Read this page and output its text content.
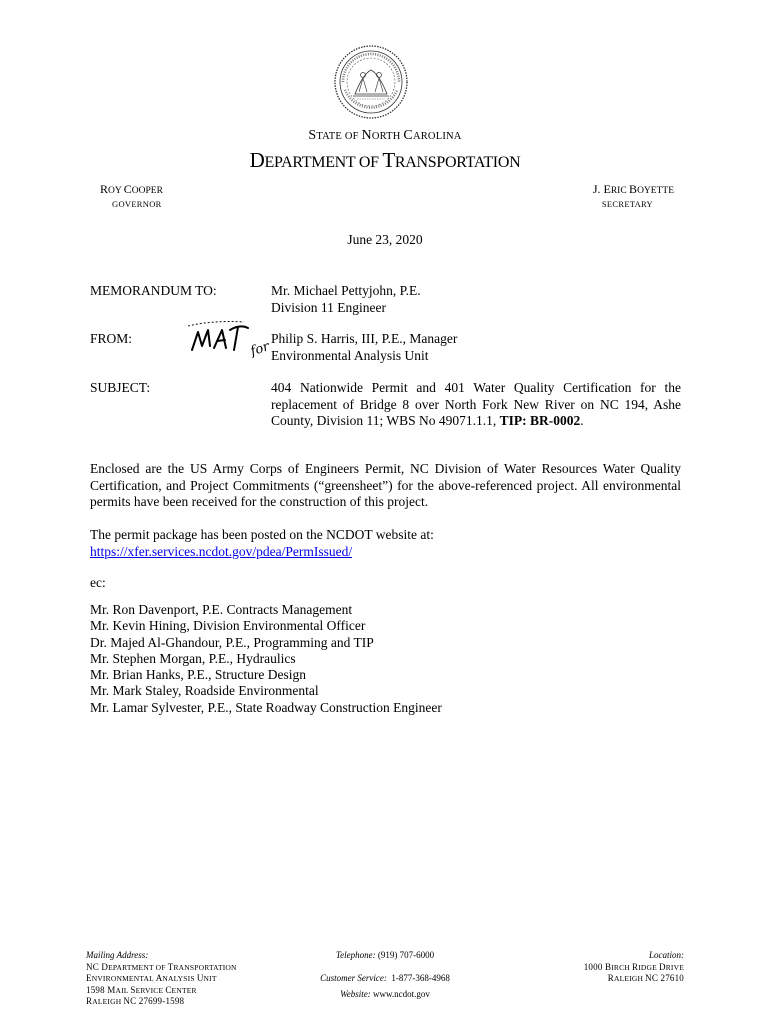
STATE OF NORTH CAROLINA
DEPARTMENT OF TRANSPORTATION
ROY COOPER
GOVERNOR
J. ERIC BOYETTE
SECRETARY
June 23, 2020
MEMORANDUM TO:	Mr. Michael Pettyjohn, P.E.
Division 11 Engineer
FROM:
for
Philip S. Harris, III, P.E., Manager
Environmental Analysis Unit
SUBJECT:	404 Nationwide Permit and 401 Water Quality Certification for the replacement of Bridge 8 over North Fork New River on NC 194, Ashe County, Division 11; WBS No 49071.1.1, TIP: BR-0002.
Enclosed are the US Army Corps of Engineers Permit, NC Division of Water Resources Water Quality Certification, and Project Commitments (“greensheet”) for the above-referenced project. All environmental permits have been received for the construction of this project.
The permit package has been posted on the NCDOT website at:
https://xfer.services.ncdot.gov/pdea/PermIssued/
ec:
Mr. Ron Davenport, P.E. Contracts Management
Mr. Kevin Hining, Division Environmental Officer
Dr. Majed Al-Ghandour, P.E., Programming and TIP
Mr. Stephen Morgan, P.E., Hydraulics
Mr. Brian Hanks, P.E., Structure Design
Mr. Mark Staley, Roadside Environmental
Mr. Lamar Sylvester, P.E., State Roadway Construction Engineer
Mailing Address:
NC DEPARTMENT OF TRANSPORTATION
ENVIRONMENTAL ANALYSIS UNIT
1598 MAIL SERVICE CENTER
RALEIGH NC 27699-1598
Telephone: (919) 707-6000
Customer Service: 1-877-368-4968
Website: www.ncdot.gov
Location:
1000 BIRCH RIDGE DRIVE
RALEIGH NC 27610
